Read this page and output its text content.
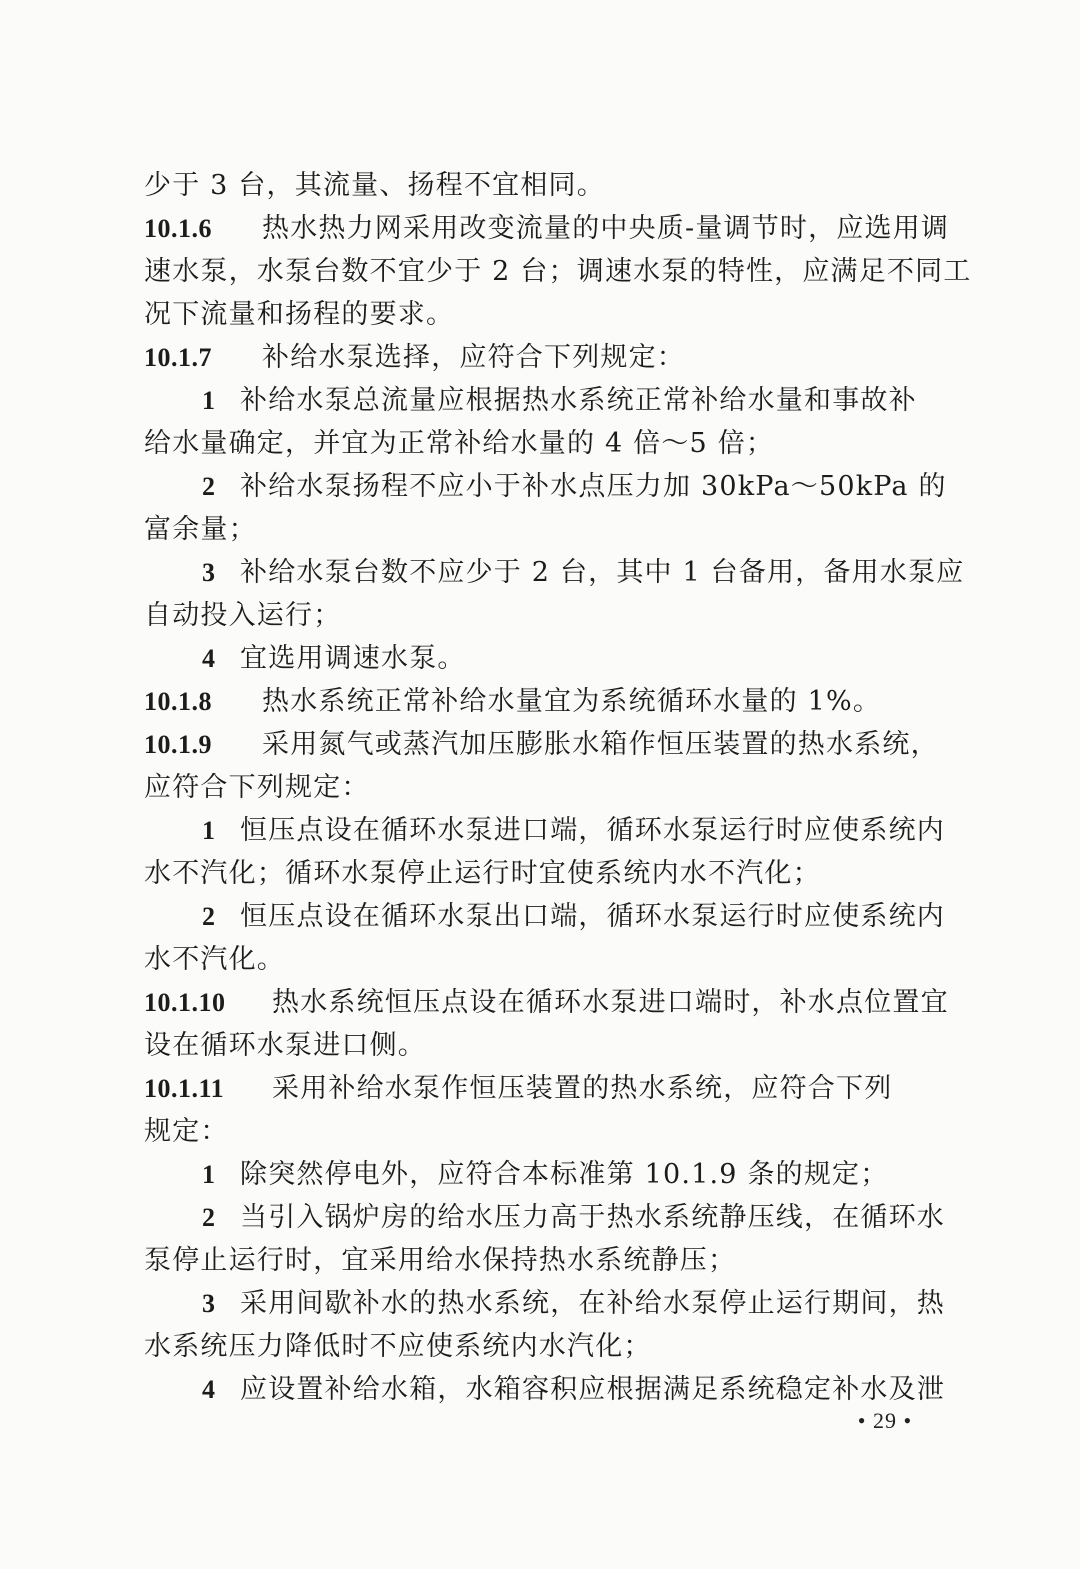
少于 3 台，其流量、扬程不宜相同。
10.1.6 热水热力网采用改变流量的中央质-量调节时，应选用调
速水泵，水泵台数不宜少于 2 台；调速水泵的特性，应满足不同工
况下流量和扬程的要求。
10.1.7 补给水泵选择，应符合下列规定：
1 补给水泵总流量应根据热水系统正常补给水量和事故补
给水量确定，并宜为正常补给水量的 4 倍～5 倍；
2 补给水泵扬程不应小于补水点压力加 30kPa～50kPa 的
富余量；
3 补给水泵台数不应少于 2 台，其中 1 台备用，备用水泵应
自动投入运行；
4 宜选用调速水泵。
10.1.8 热水系统正常补给水量宜为系统循环水量的 1%。
10.1.9 采用氮气或蒸汽加压膨胀水箱作恒压装置的热水系统，
应符合下列规定：
1 恒压点设在循环水泵进口端，循环水泵运行时应使系统内
水不汽化；循环水泵停止运行时宜使系统内水不汽化；
2 恒压点设在循环水泵出口端，循环水泵运行时应使系统内
水不汽化。
10.1.10 热水系统恒压点设在循环水泵进口端时，补水点位置宜
设在循环水泵进口侧。
10.1.11 采用补给水泵作恒压装置的热水系统，应符合下列
规定：
1 除突然停电外，应符合本标准第 10.1.9 条的规定；
2 当引入锅炉房的给水压力高于热水系统静压线，在循环水
泵停止运行时，宜采用给水保持热水系统静压；
3 采用间歇补水的热水系统，在补给水泵停止运行期间，热
水系统压力降低时不应使系统内水汽化；
4 应设置补给水箱，水箱容积应根据满足系统稳定补水及泄
• 29 •
